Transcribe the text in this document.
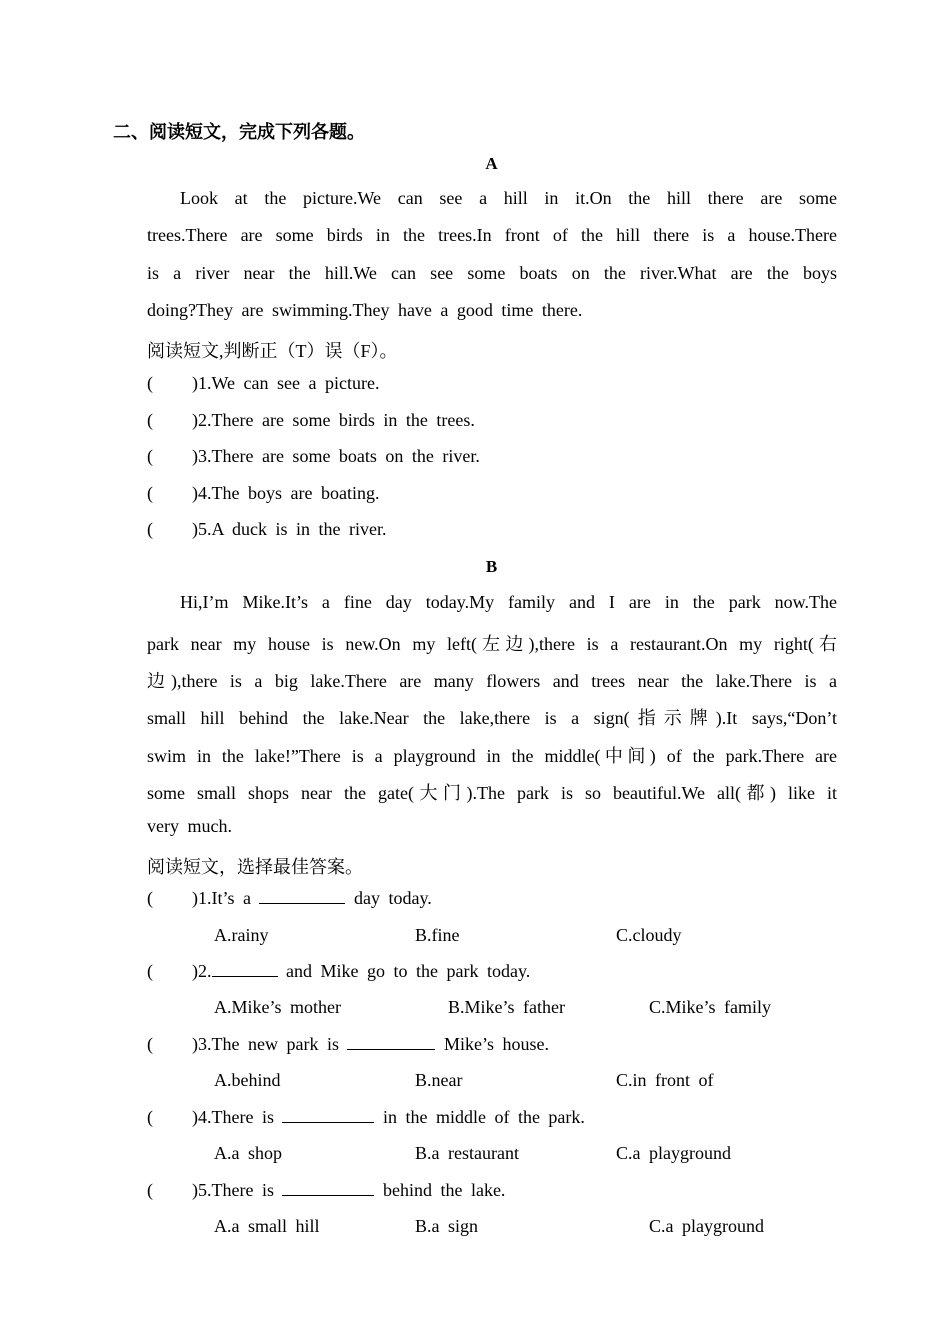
二、阅读短文，完成下列各题。
A
Look at the picture.We can see a hill in it.On the hill there are some
trees.There are some birds in the trees.In front of the hill there is a house.There
is a river near the hill.We can see some boats on the river.What are the boys
doing?They are swimming.They have a good time there.
阅读短文,判断正（T）误（F）。
( )1.We can see a picture.
( )2.There are some birds in the trees.
( )3.There are some boats on the river.
( )4.The boys are boating.
( )5.A duck is in the river.
B
Hi,I’m Mike.It’s a fine day today.My family and I are in the park now.The
park near my house is new.On my left(左边),there is a restaurant.On my right(右
边),there is a big lake.There are many flowers and trees near the lake.There is a
small hill behind the lake.Near the lake,there is a sign(指示牌).It says,“Don’t
swim in the lake!”There is a playground in the middle(中间) of the park.There are
some small shops near the gate(大门).The park is so beautiful.We all(都) like it
very much.
阅读短文，选择最佳答案。
( )1.It’s a	day today.
A.rainy	B.fine	C.cloudy
( )2.	and Mike go to the park today.
A.Mike’s mother	B.Mike’s father	C.Mike’s family
( )3.The new park is	Mike’s house.
A.behind	B.near	C.in front of
( )4.There is	in the middle of the park.
A.a shop	B.a restaurant	C.a playground
( )5.There is	behind the lake.
A.a small hill	B.a sign	C.a playground
